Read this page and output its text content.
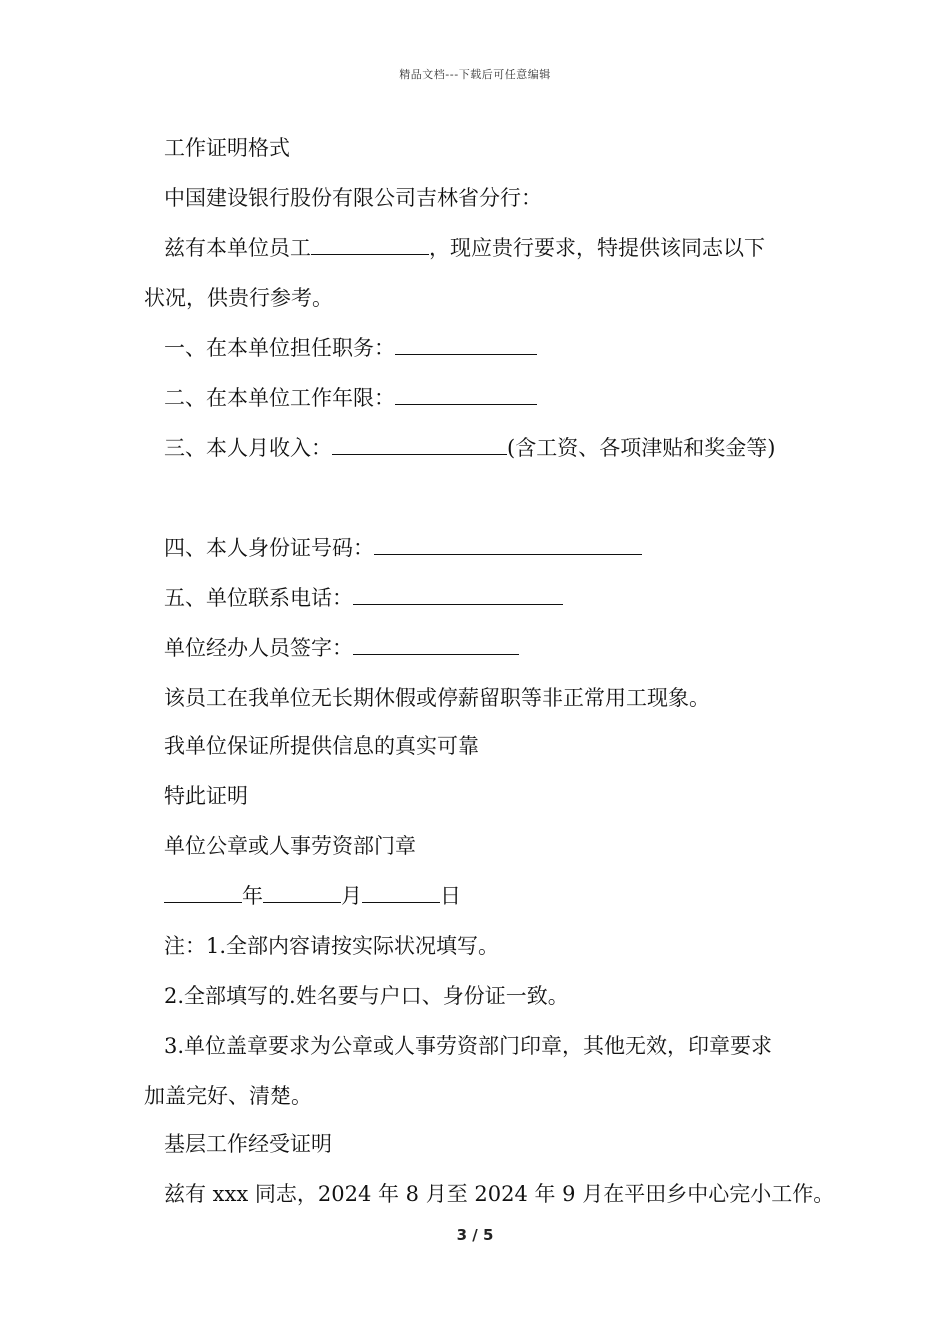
精品文档---下载后可任意编辑
工作证明格式
中国建设银行股份有限公司吉林省分行：
兹有本单位员工	，现应贵行要求，特提供该同志以下
状况，供贵行参考。
一、在本单位担任职务：
二、在本单位工作年限：
三、本人月收入：	(含工资、各项津贴和奖金等)
四、本人身份证号码：
五、单位联系电话：
单位经办人员签字：
该员工在我单位无长期休假或停薪留职等非正常用工现象。
我单位保证所提供信息的真实可靠
特此证明
单位公章或人事劳资部门章
年	月	日
注：1.全部内容请按实际状况填写。
2.全部填写的.姓名要与户口、身份证一致。
3.单位盖章要求为公章或人事劳资部门印章，其他无效，印章要求
加盖完好、清楚。
基层工作经受证明
兹有 xxx 同志，2024 年 8 月至 2024 年 9 月在平田乡中心完小工作。
3 / 5
